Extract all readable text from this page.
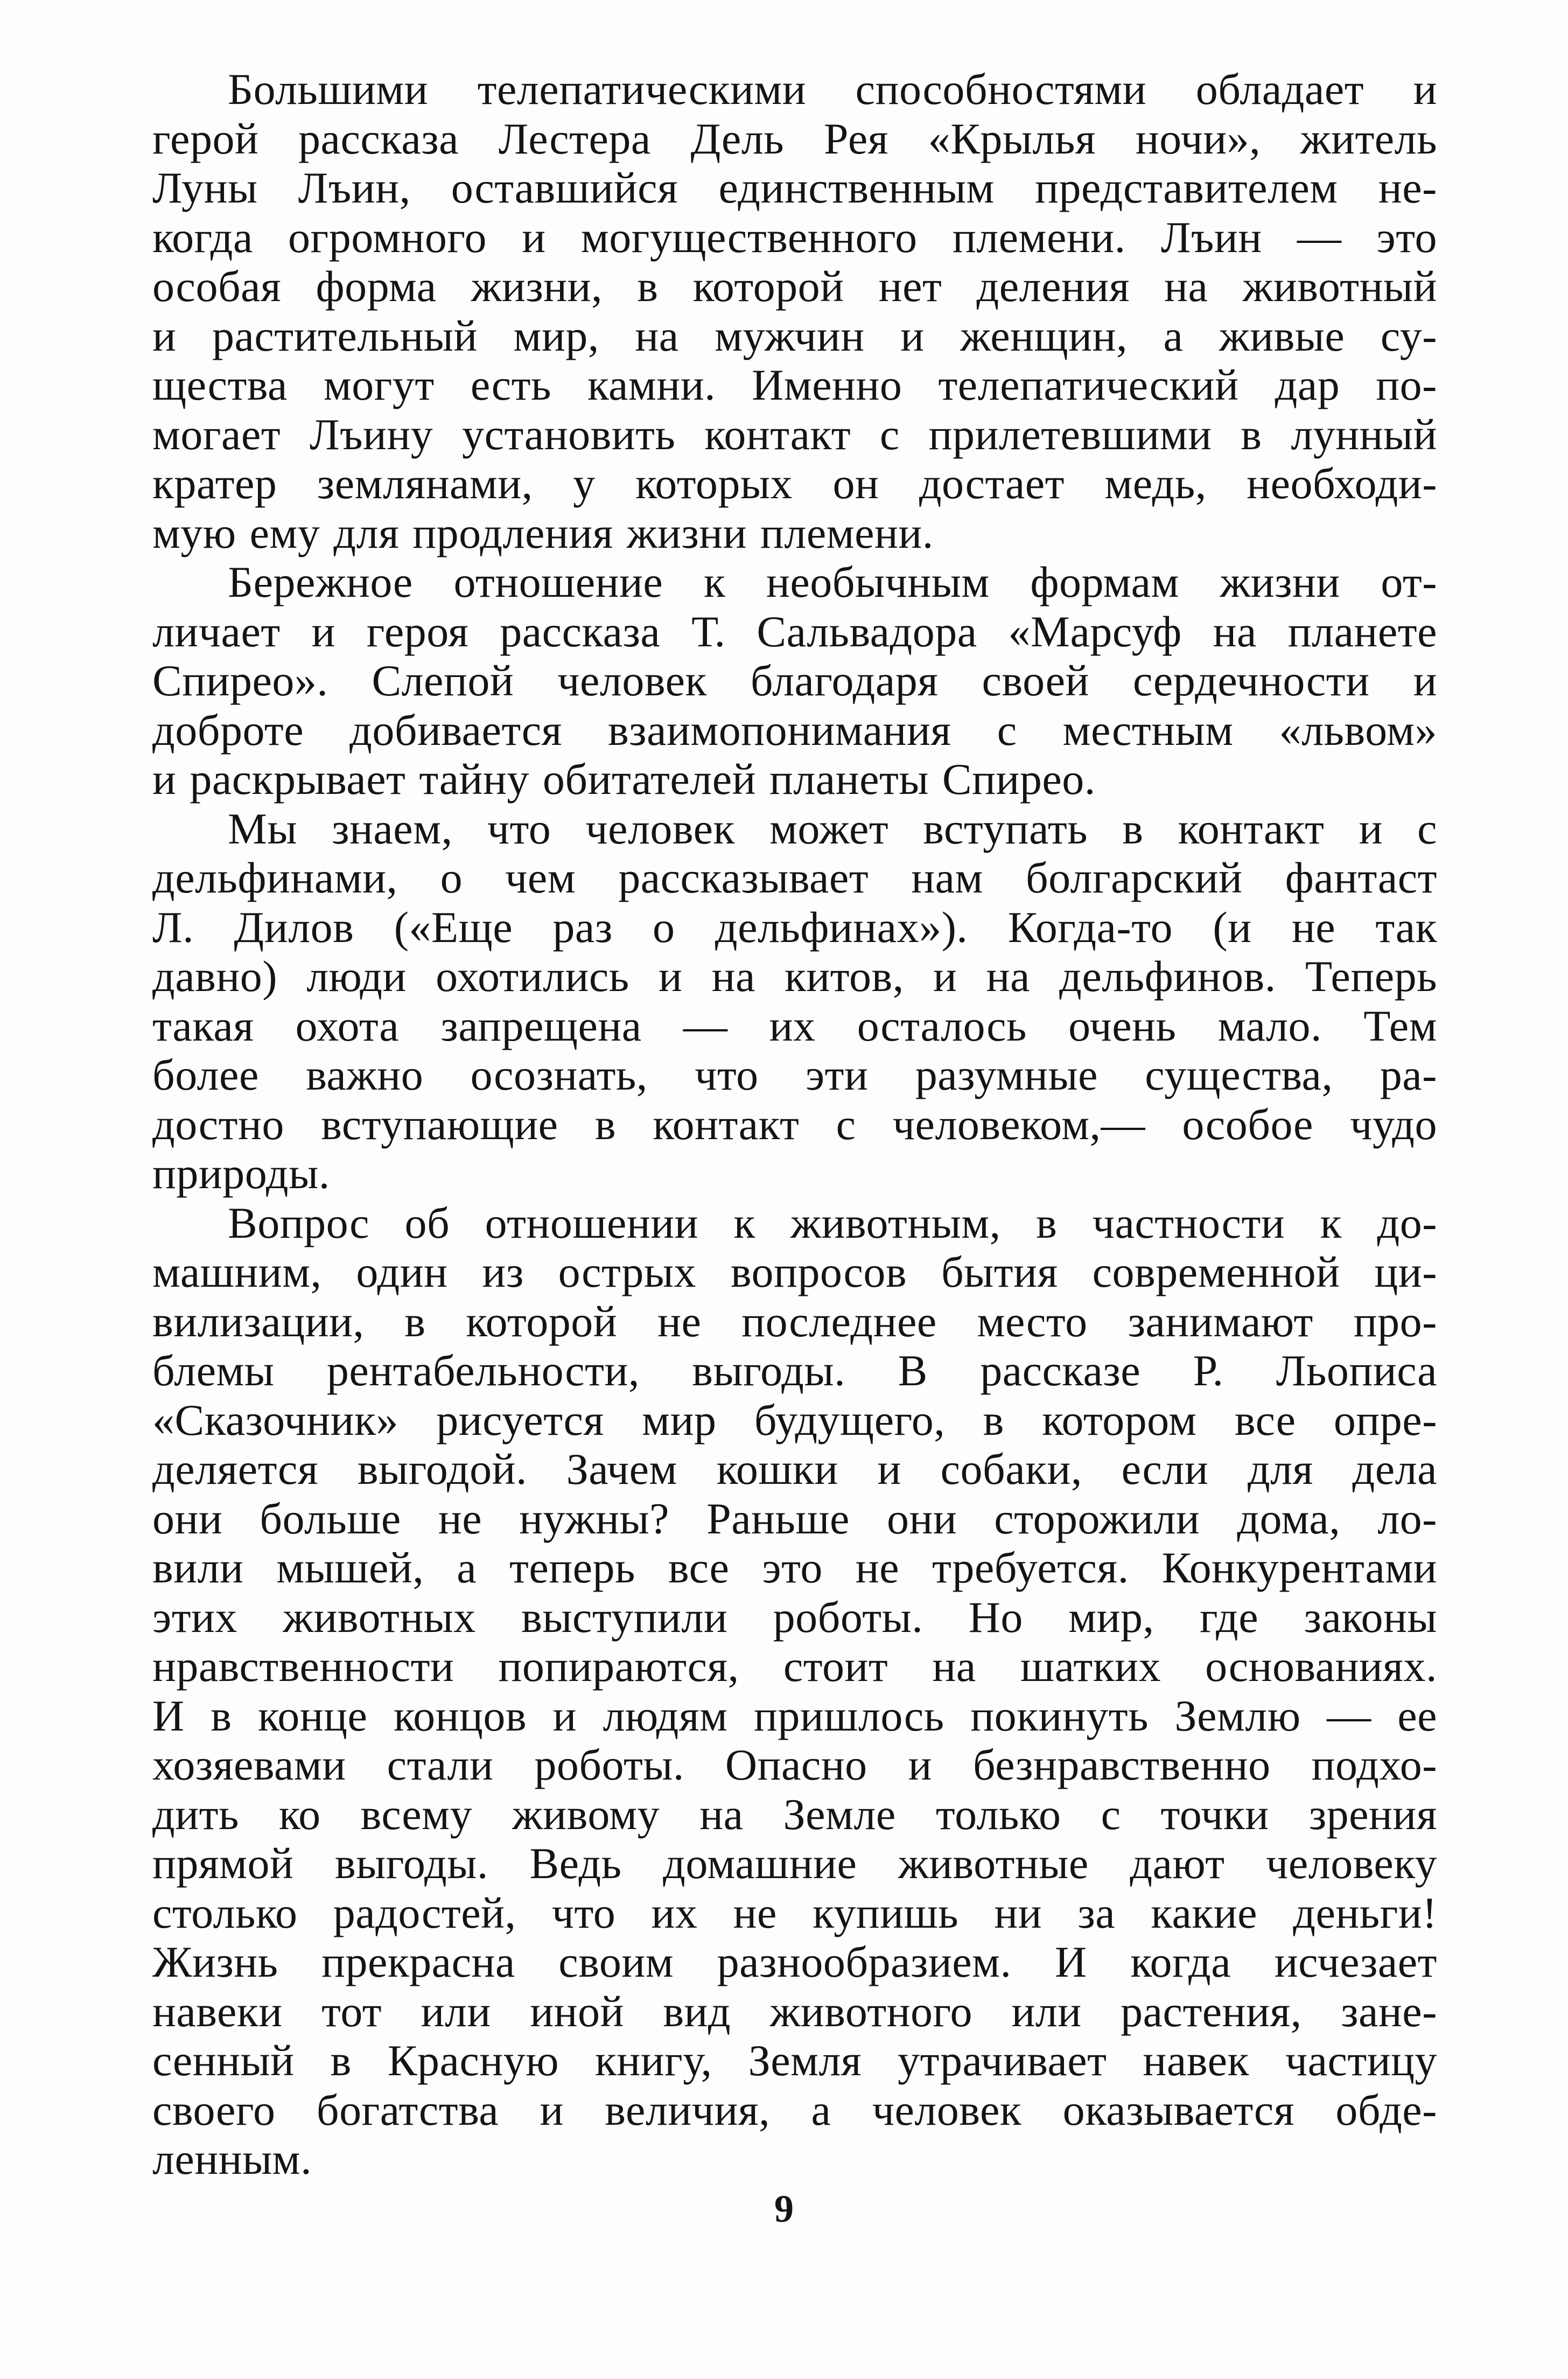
Большими телепатическими способностями обладает и
герой рассказа Лестера Дель Рея «Крылья ночи», житель
Луны Лъин, оставшийся единственным представителем не-
когда огромного и могущественного племени. Лъин — это
особая форма жизни, в которой нет деления на животный
и растительный мир, на мужчин и женщин, а живые су-
щества могут есть камни. Именно телепатический дар по-
могает Лъину установить контакт с прилетевшими в лунный
кратер землянами, у которых он достает медь, необходи-
мую ему для продления жизни племени.
Бережное отношение к необычным формам жизни от-
личает и героя рассказа Т. Сальвадора «Марсуф на планете
Спирео». Слепой человек благодаря своей сердечности и
доброте добивается взаимопонимания с местным «львом»
и раскрывает тайну обитателей планеты Спирео.
Мы знаем, что человек может вступать в контакт и с
дельфинами, о чем рассказывает нам болгарский фантаст
Л. Дилов («Еще раз о дельфинах»). Когда-то (и не так
давно) люди охотились и на китов, и на дельфинов. Теперь
такая охота запрещена — их осталось очень мало. Тем
более важно осознать, что эти разумные существа, ра-
достно вступающие в контакт с человеком,— особое чудо
природы.
Вопрос об отношении к животным, в частности к до-
машним, один из острых вопросов бытия современной ци-
вилизации, в которой не последнее место занимают про-
блемы рентабельности, выгоды. В рассказе Р. Льописа
«Сказочник» рисуется мир будущего, в котором все опре-
деляется выгодой. Зачем кошки и собаки, если для дела
они больше не нужны? Раньше они сторожили дома, ло-
вили мышей, а теперь все это не требуется. Конкурентами
этих животных выступили роботы. Но мир, где законы
нравственности попираются, стоит на шатких основаниях.
И в конце концов и людям пришлось покинуть Землю — ее
хозяевами стали роботы. Опасно и безнравственно подхо-
дить ко всему живому на Земле только с точки зрения
прямой выгоды. Ведь домашние животные дают человеку
столько радостей, что их не купишь ни за какие деньги!
Жизнь прекрасна своим разнообразием. И когда исчезает
навеки тот или иной вид животного или растения, зане-
сенный в Красную книгу, Земля утрачивает навек частицу
своего богатства и величия, а человек оказывается обде-
ленным.
9
